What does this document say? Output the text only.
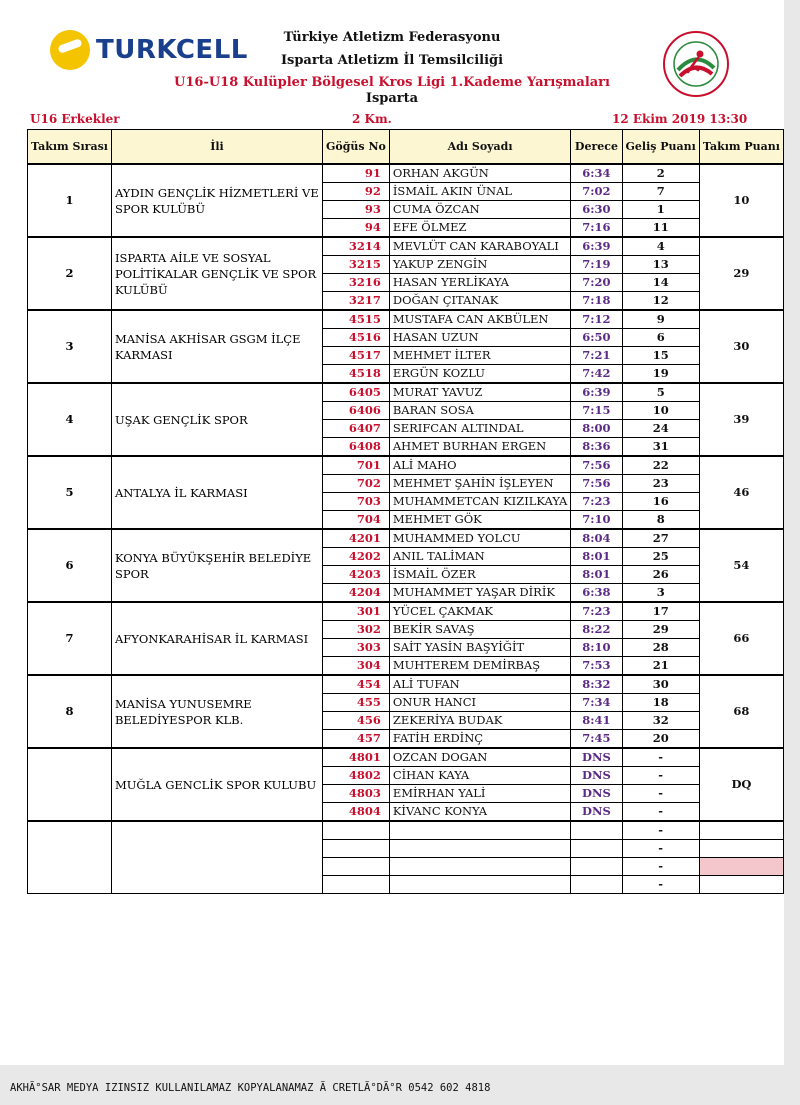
TURKCELL	Türkiye Atletizm Federasyonu
Isparta Atletizm İl Temsilciliği
U16-U18 Kulüpler Bölgesel Kros Ligi 1.Kademe Yarışmaları
Isparta
U16 Erkekler	2 Km.	12 Ekim 2019 13:30
Takım Sırası	İli	Göğüs No	Adı Soyadı	Derece	Geliş Puanı	Takım Puanı
1	AYDIN GENÇLİK HİZMETLERİ VE SPOR KULÜBÜ	91	ORHAN AKGÜN	6:34	2	10
		92	İSMAİL AKIN ÜNAL	7:02	7	
		93	CUMA ÖZCAN	6:30	1	
		94	EFE ÖLMEZ	7:16	11	
2	ISPARTA AİLE VE SOSYAL POLİTİKALAR GENÇLİK VE SPOR KULÜBÜ	3214	MEVLÜT CAN KARABOYALI	6:39	4	29
		3215	YAKUP ZENGİN	7:19	13	
		3216	HASAN YERLİKAYA	7:20	14	
		3217	DOĞAN ÇITANAK	7:18	12	
3	MANİSA AKHİSAR GSGM İLÇE KARMASI	4515	MUSTAFA CAN AKBÜLEN	7:12	9	30
		4516	HASAN UZUN	6:50	6	
		4517	MEHMET İLTER	7:21	15	
		4518	ERGÜN KOZLU	7:42	19	
4	UŞAK GENÇLİK SPOR	6405	MURAT YAVUZ	6:39	5	39
		6406	BARAN SOSA	7:15	10	
		6407	SERIFCAN ALTINDAL	8:00	24	
		6408	AHMET BURHAN ERGEN	8:36	31	
5	ANTALYA İL KARMASI	701	ALİ MAHO	7:56	22	46
		702	MEHMET ŞAHİN İŞLEYEN	7:56	23	
		703	MUHAMMETCAN KIZILKAYA	7:23	16	
		704	MEHMET GÖK	7:10	8	
6	KONYA BÜYÜKŞEHİR BELEDİYE SPOR	4201	MUHAMMED YOLCU	8:04	27	54
		4202	ANIL TALİMAN	8:01	25	
		4203	İSMAİL ÖZER	8:01	26	
		4204	MUHAMMET YAŞAR DİRİK	6:38	3	
7	AFYONKARAHİSAR İL KARMASI	301	YÜCEL ÇAKMAK	7:23	17	66
		302	BEKİR SAVAŞ	8:22	29	
		303	SAİT YASİN BAŞYİĞİT	8:10	28	
		304	MUHTEREM DEMİRBAŞ	7:53	21	
8	MANİSA YUNUSEMRE BELEDİYESPOR KLB.	454	ALİ TUFAN	8:32	30	68
		455	ONUR HANCI	7:34	18	
		456	ZEKERİYA BUDAK	8:41	32	
		457	FATİH ERDİNÇ	7:45	20	
	MUĞLA GENCLİK SPOR KULUBU	4801	OZCAN DOGAN	DNS	-	DQ
		4802	CİHAN KAYA	DNS	-	
		4803	EMİRHAN YALİ	DNS	-	
		4804	KİVANC KONYA	DNS	-	
					-	
					-	
					-	
					-	
AKHÃ°SAR MEDYA IZINSIZ KULLANILAMAZ KOPYALANAMAZ Ã CRETLÃ°DÃ°R 0542 602 4818
